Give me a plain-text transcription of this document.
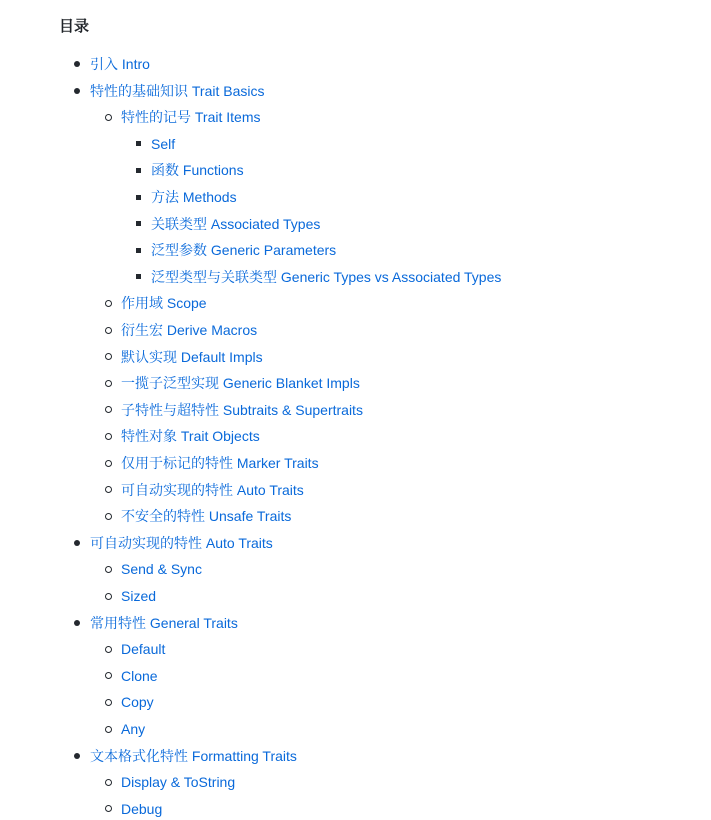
目录
引入 Intro
特性的基础知识 Trait Basics
特性的记号 Trait Items
Self
函数 Functions
方法 Methods
关联类型 Associated Types
泛型参数 Generic Parameters
泛型类型与关联类型 Generic Types vs Associated Types
作用域 Scope
衍生宏 Derive Macros
默认实现 Default Impls
一揽子泛型实现 Generic Blanket Impls
子特性与超特性 Subtraits & Supertraits
特性对象 Trait Objects
仅用于标记的特性 Marker Traits
可自动实现的特性 Auto Traits
不安全的特性 Unsafe Traits
可自动实现的特性 Auto Traits
Send & Sync
Sized
常用特性 General Traits
Default
Clone
Copy
Any
文本格式化特性 Formatting Traits
Display & ToString
Debug
